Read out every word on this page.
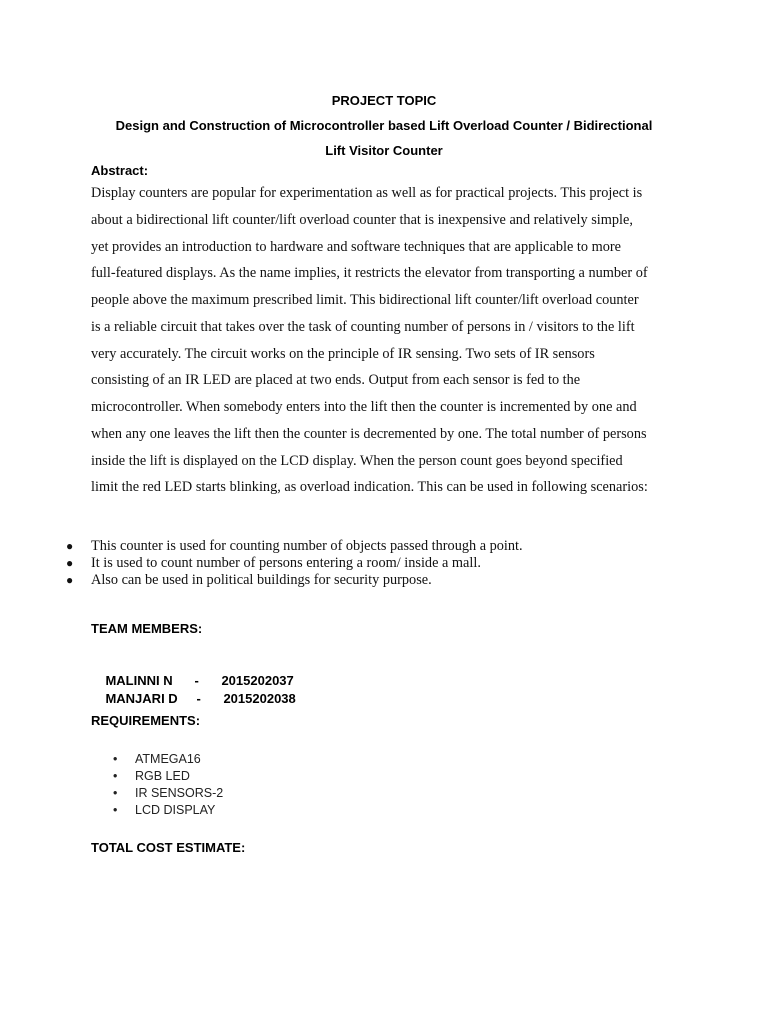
PROJECT TOPIC
Design and Construction of Microcontroller based Lift Overload Counter / Bidirectional
Lift Visitor Counter
Abstract:
Display counters are popular for experimentation as well as for practical projects. This project is
about a bidirectional lift counter/lift overload counter that is inexpensive and relatively simple,
yet provides an introduction to hardware and software techniques that are applicable to more
full-featured displays. As the name implies, it restricts the elevator from transporting a number of
people above the maximum prescribed limit. This bidirectional lift counter/lift overload counter
is a reliable circuit that takes over the task of counting number of persons in / visitors to the lift
very accurately. The circuit works on the principle of IR sensing. Two sets of IR sensors
consisting of an IR LED are placed at two ends. Output from each sensor is fed to the
microcontroller. When somebody enters into the lift then the counter is incremented by one and
when any one leaves the lift then the counter is decremented by one. The total number of persons
inside the lift is displayed on the LCD display. When the person count goes beyond specified
limit the red LED starts blinking, as overload indication. This can be used in following scenarios:
● This counter is used for counting number of objects passed through a point.
● It is used to count number of persons entering a room/ inside a mall.
● Also can be used in political buildings for security purpose.
TEAM MEMBERS:

MALINNI N - 2015202037

MANJARI D - 2015202038

REQUIREMENTS:
• ATMEGA16
• RGB LED
• IR SENSORS-2
• LCD DISPLAY
TOTAL COST ESTIMATE:
